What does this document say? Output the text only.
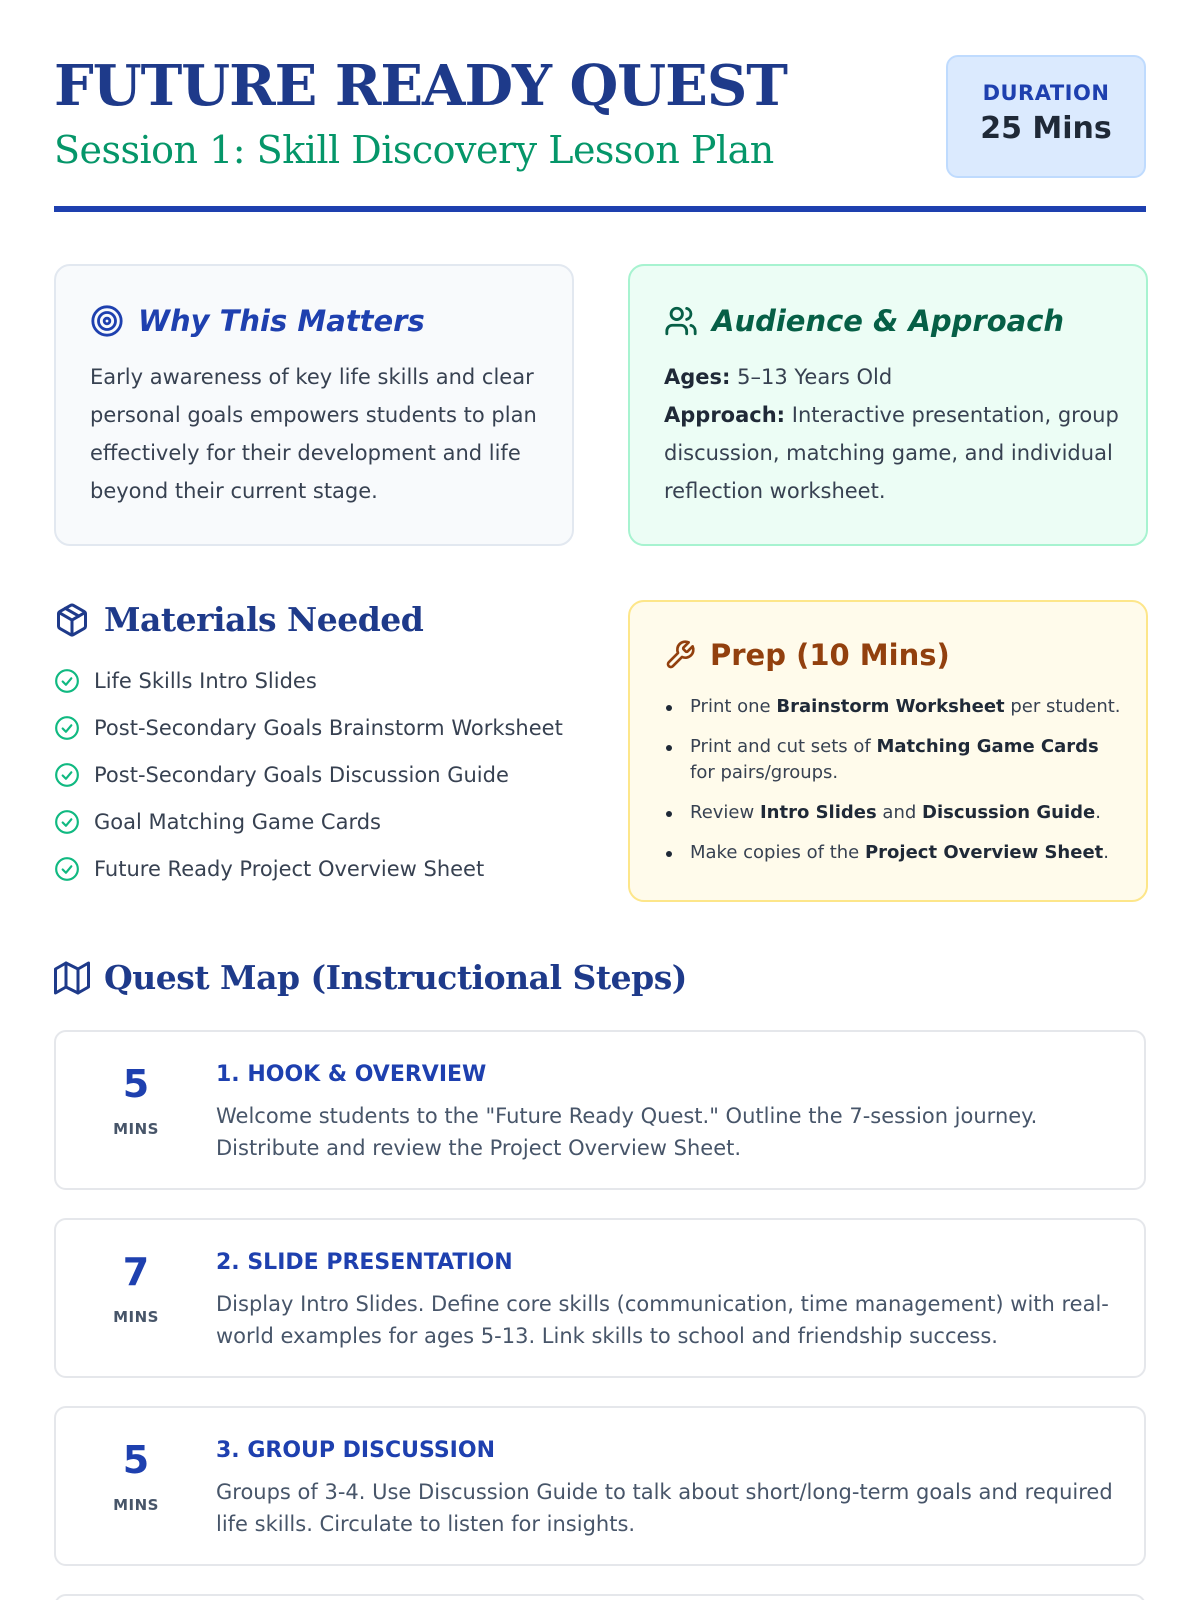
FUTURE READY QUEST
Session 1: Skill Discovery Lesson Plan
DURATION
25 Mins
Why This Matters

Early awareness of key life skills and clear personal goals empowers students to plan effectively for their development and life beyond their current stage.

Audience & Approach
Ages: 5–13 Years Old
Approach: Interactive presentation, group discussion, matching game, and individual reflection worksheet.
Materials Needed
Life Skills Intro Slides
Post-Secondary Goals Brainstorm Worksheet
Post-Secondary Goals Discussion Guide
Goal Matching Game Cards
Future Ready Project Overview Sheet
Prep (10 Mins)
Print one Brainstorm Worksheet per student.
Print and cut sets of Matching Game Cards for pairs/groups.
Review Intro Slides and Discussion Guide.
Make copies of the Project Overview Sheet.
Quest Map (Instructional Steps)
5
MINS
1. HOOK & OVERVIEW

Welcome students to the "Future Ready Quest." Outline the 7-session journey. Distribute and review the Project Overview Sheet.

7
MINS
2. SLIDE PRESENTATION

Display Intro Slides. Define core skills (communication, time management) with real-world examples for ages 5-13. Link skills to school and friendship success.

5
MINS
3. GROUP DISCUSSION

Groups of 3-4. Use Discussion Guide to talk about short/long-term goals and required life skills. Circulate to listen for insights.
